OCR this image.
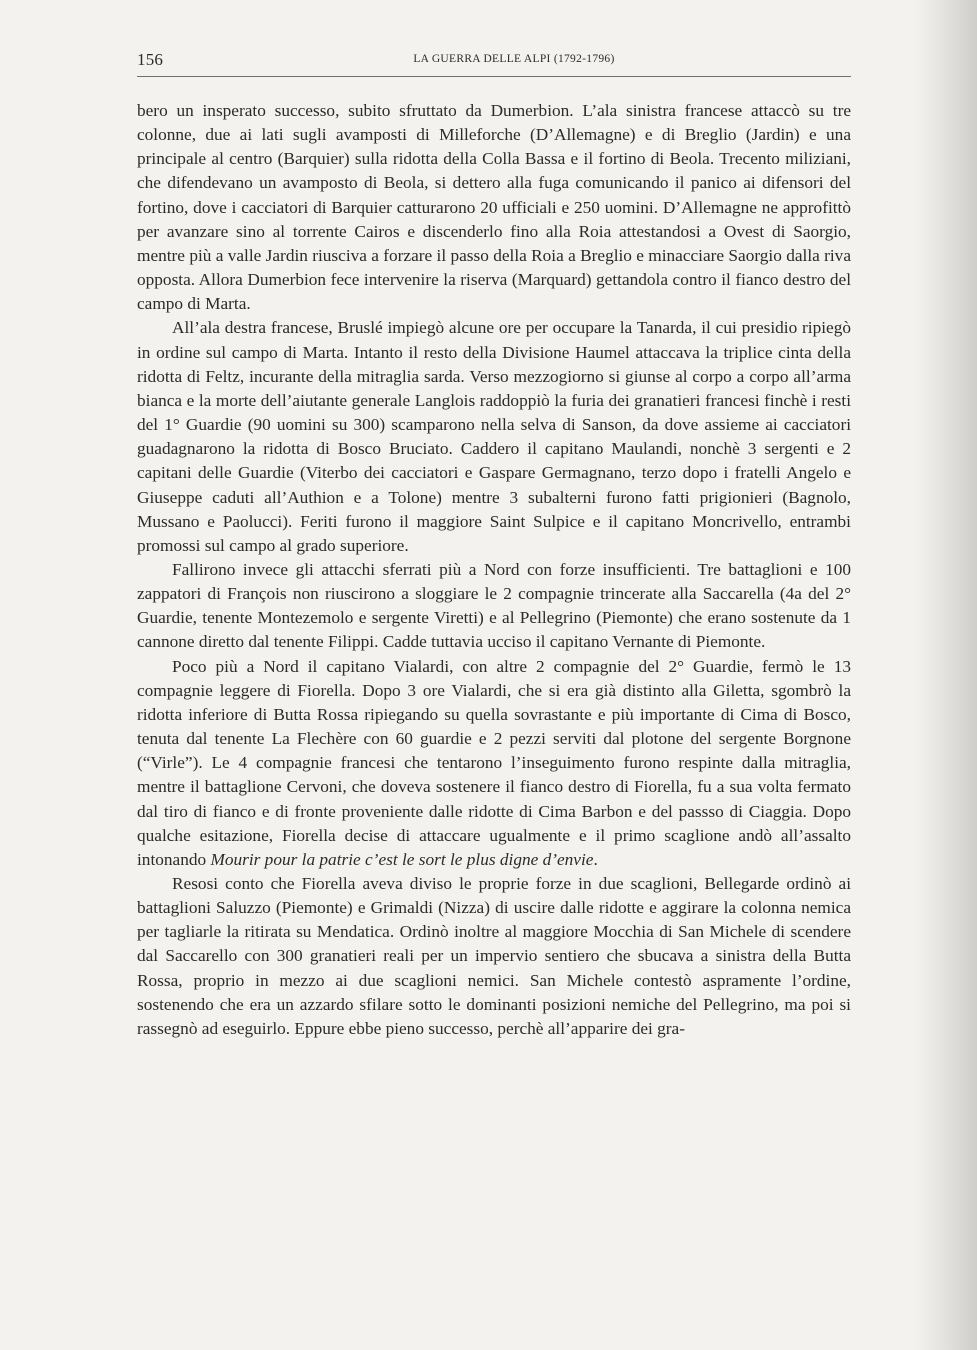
156	LA GUERRA DELLE ALPI (1792-1796)

bero un insperato successo, subito sfruttato da Dumerbion. L’ala sinistra francese attaccò su tre colonne, due ai lati sugli avamposti di Milleforche (D’Allemagne) e di Breglio (Jardin) e una principale al centro (Barquier) sulla ridotta della Colla Bassa e il fortino di Beola. Trecento miliziani, che difendevano un avamposto di Beola, si dettero alla fuga comunicando il panico ai difensori del fortino, dove i cacciatori di Barquier catturarono 20 ufficiali e 250 uomini. D’Allemagne ne approfittò per avanzare sino al torrente Cairos e discenderlo fino alla Roia attestandosi a Ovest di Saorgio, mentre più a valle Jardin riusciva a forzare il passo della Roia a Breglio e minacciare Saorgio dalla riva opposta. Allora Dumerbion fece intervenire la riserva (Marquard) gettandola contro il fianco destro del campo di Marta.

All’ala destra francese, Bruslé impiegò alcune ore per occupare la Tanarda, il cui presidio ripiegò in ordine sul campo di Marta. Intanto il resto della Divisione Haumel attaccava la triplice cinta della ridotta di Feltz, incurante della mitraglia sarda. Verso mezzogiorno si giunse al corpo a corpo all’arma bianca e la morte dell’aiutante generale Langlois raddoppiò la furia dei granatieri francesi finchè i resti del 1° Guardie (90 uomini su 300) scamparono nella selva di Sanson, da dove assieme ai cacciatori guadagnarono la ridotta di Bosco Bruciato. Caddero il capitano Maulandi, nonchè 3 sergenti e 2 capitani delle Guardie (Viterbo dei cacciatori e Gaspare Germagnano, terzo dopo i fratelli Angelo e Giuseppe caduti all’Authion e a Tolone) mentre 3 subalterni furono fatti prigionieri (Bagnolo, Mussano e Paolucci). Feriti furono il maggiore Saint Sulpice e il capitano Moncrivello, entrambi promossi sul campo al grado superiore.

Fallirono invece gli attacchi sferrati più a Nord con forze insufficienti. Tre battaglioni e 100 zappatori di François non riuscirono a sloggiare le 2 compagnie trincerate alla Saccarella (4a del 2° Guardie, tenente Montezemolo e sergente Viretti) e al Pellegrino (Piemonte) che erano sostenute da 1 cannone diretto dal tenente Filippi. Cadde tuttavia ucciso il capitano Vernante di Piemonte.

Poco più a Nord il capitano Vialardi, con altre 2 compagnie del 2° Guardie, fermò le 13 compagnie leggere di Fiorella. Dopo 3 ore Vialardi, che si era già distinto alla Giletta, sgombrò la ridotta inferiore di Butta Rossa ripiegando su quella sovrastante e più importante di Cima di Bosco, tenuta dal tenente La Flechère con 60 guardie e 2 pezzi serviti dal plotone del sergente Borgnone (“Virle”). Le 4 compagnie francesi che tentarono l’inseguimento furono respinte dalla mitraglia, mentre il battaglione Cervoni, che doveva sostenere il fianco destro di Fiorella, fu a sua volta fermato dal tiro di fianco e di fronte proveniente dalle ridotte di Cima Barbon e del passso di Ciaggia. Dopo qualche esitazione, Fiorella decise di attaccare ugualmente e il primo scaglione andò all’assalto intonando Mourir pour la patrie c’est le sort le plus digne d’envie.

Resosi conto che Fiorella aveva diviso le proprie forze in due scaglioni, Bellegarde ordinò ai battaglioni Saluzzo (Piemonte) e Grimaldi (Nizza) di uscire dalle ridotte e aggirare la colonna nemica per tagliarle la ritirata su Mendatica. Ordinò inoltre al maggiore Mocchia di San Michele di scendere dal Saccarello con 300 granatieri reali per un impervio sentiero che sbucava a sinistra della Butta Rossa, proprio in mezzo ai due scaglioni nemici. San Michele contestò aspramente l’ordine, sostenendo che era un azzardo sfilare sotto le dominanti posizioni nemiche del Pellegrino, ma poi si rassegnò ad eseguirlo. Eppure ebbe pieno successo, perchè all’apparire dei gra-
